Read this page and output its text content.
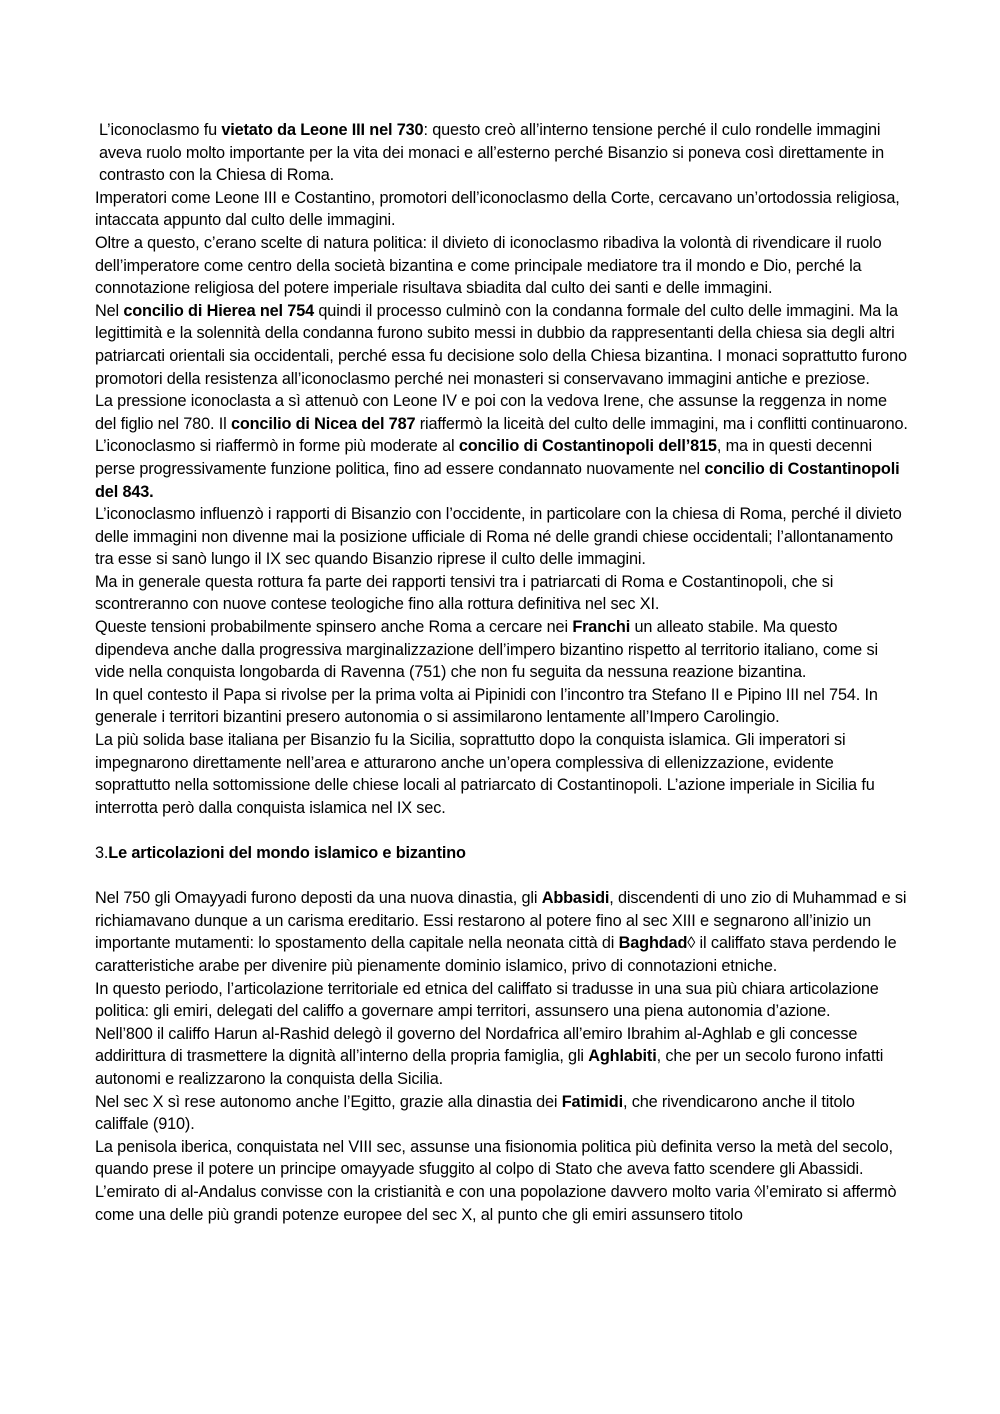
L’iconoclasmo fu vietato da Leone III nel 730: questo creò all’interno tensione perché il culo rondelle immagini aveva ruolo molto importante per la vita dei monaci e all’esterno perché Bisanzio si poneva così direttamente in contrasto con la Chiesa di Roma.

Imperatori come Leone III e Costantino, promotori dell’iconoclasmo della Corte, cercavano un’ortodossia religiosa, intaccata appunto dal culto delle immagini.

Oltre a questo, c’erano scelte di natura politica: il divieto di iconoclasmo ribadiva la volontà di rivendicare il ruolo dell’imperatore come centro della società bizantina e come principale mediatore tra il mondo e Dio, perché la connotazione religiosa del potere imperiale risultava sbiadita dal culto dei santi e delle immagini.

Nel concilio di Hierea nel 754 quindi il processo culminò con la condanna formale del culto delle immagini. Ma la legittimità e la solennità della condanna furono subito messi in dubbio da rappresentanti della chiesa sia degli altri patriarcati orientali sia occidentali, perché essa fu decisione solo della Chiesa bizantina. I monaci soprattutto furono promotori della resistenza all’iconoclasmo perché nei monasteri si conservavano immagini antiche e preziose.

La pressione iconoclasta a sì attenuò con Leone IV e poi con la vedova Irene, che assunse la reggenza in nome del figlio nel 780. Il concilio di Nicea del 787 riaffermò la liceità del culto delle immagini, ma i conflitti continuarono. L’iconoclasmo si riaffermò in forme più moderate al concilio di Costantinopoli dell’815, ma in questi decenni perse progressivamente funzione politica, fino ad essere condannato nuovamente nel concilio di Costantinopoli del 843.

L’iconoclasmo influenzò i rapporti di Bisanzio con l’occidente, in particolare con la chiesa di Roma, perché il divieto delle immagini non divenne mai la posizione ufficiale di Roma né delle grandi chiese occidentali; l’allontanamento tra esse si sanò lungo il IX sec quando Bisanzio riprese il culto delle immagini.

Ma in generale questa rottura fa parte dei rapporti tensivi tra i patriarcati di Roma e Costantinopoli, che si scontreranno con nuove contese teologiche fino alla rottura definitiva nel sec XI.

Queste tensioni probabilmente spinsero anche Roma a cercare nei Franchi un alleato stabile. Ma questo dipendeva anche dalla progressiva marginalizzazione dell’impero bizantino rispetto al territorio italiano, come si vide nella conquista longobarda di Ravenna (751) che non fu seguita da nessuna reazione bizantina.

In quel contesto il Papa si rivolse per la prima volta ai Pipinidi con l’incontro tra Stefano II e Pipino III nel 754. In generale i territori bizantini presero autonomia o si assimilarono lentamente all’Impero Carolingio.

La più solida base italiana per Bisanzio fu la Sicilia, soprattutto dopo la conquista islamica. Gli imperatori si impegnarono direttamente nell’area e atturarono anche un’opera complessiva di ellenizzazione, evidente soprattutto nella sottomissione delle chiese locali al patriarcato di Costantinopoli. L’azione imperiale in Sicilia fu interrotta però dalla conquista islamica nel IX sec.

3.Le articolazioni del mondo islamico e bizantino

Nel 750 gli Omayyadi furono deposti da una nuova dinastia, gli Abbasidi, discendenti di uno zio di Muhammad e si richiamavano dunque a un carisma ereditario. Essi restarono al potere fino al sec XIII e segnarono all’inizio un importante mutamenti: lo spostamento della capitale nella neonata città di Baghdad◊ il califfato stava perdendo le caratteristiche arabe per divenire più pienamente dominio islamico, privo di connotazioni etniche.

In questo periodo, l’articolazione territoriale ed etnica del califfato si tradusse in una sua più chiara articolazione politica: gli emiri, delegati del califfo a governare ampi territori, assunsero una piena autonomia d’azione.

Nell’800 il califfo Harun al-Rashid delegò il governo del Nordafrica all’emiro Ibrahim al-Aghlab e gli concesse addirittura di trasmettere la dignità all’interno della propria famiglia, gli Aghlabiti, che per un secolo furono infatti autonomi e realizzarono la conquista della Sicilia.

Nel sec X sì rese autonomo anche l’Egitto, grazie alla dinastia dei Fatimidi, che rivendicarono anche il titolo califfale (910).

La penisola iberica, conquistata nel VIII sec, assunse una fisionomia politica più definita verso la metà del secolo, quando prese il potere un principe omayyade sfuggito al colpo di Stato che aveva fatto scendere gli Abassidi.

L’emirato di al-Andalus convisse con la cristianità e con una popolazione davvero molto varia ◊l’emirato si affermò come una delle più grandi potenze europee del sec X, al punto che gli emiri assunsero titolo
